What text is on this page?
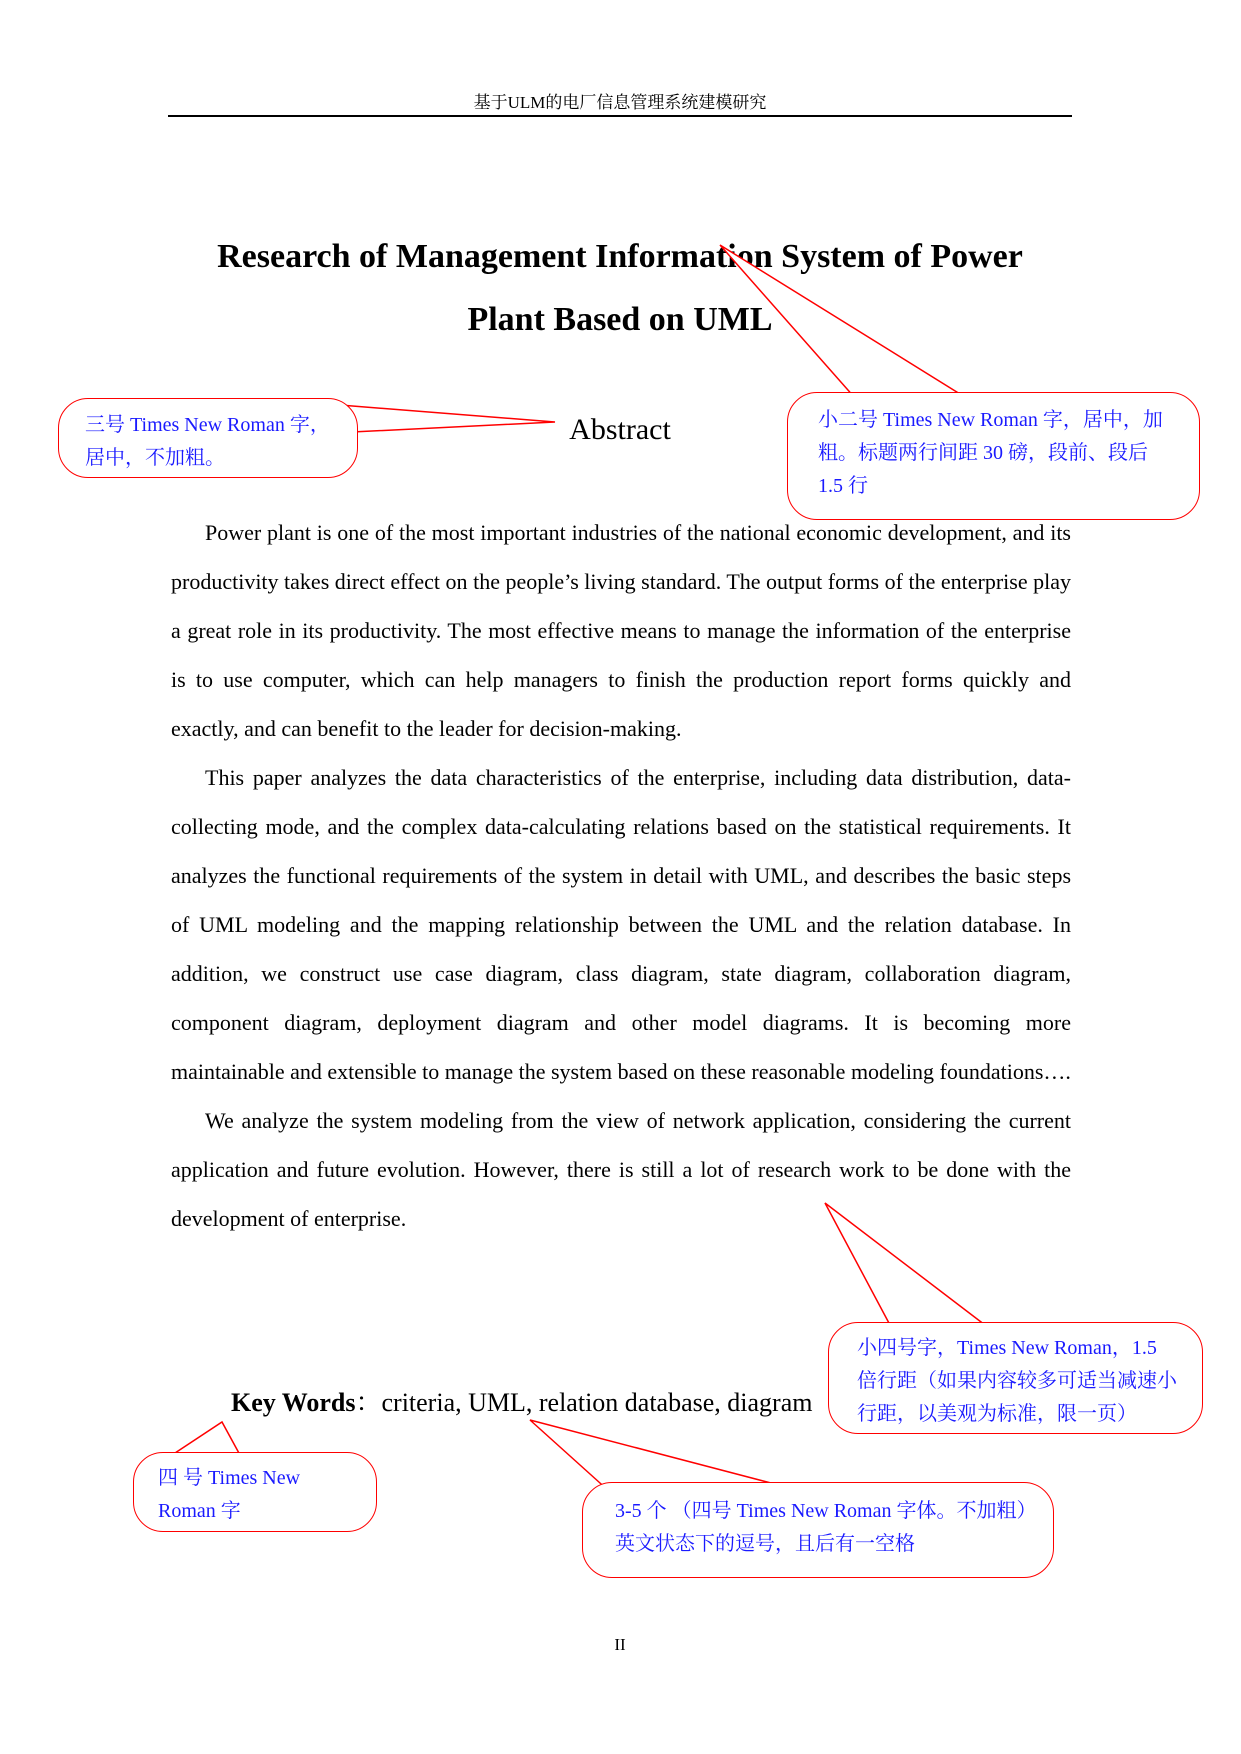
基于ULM的电厂信息管理系统建模研究
Research of Management Information System of Power
Plant Based on UML
Abstract

Power plant is one of the most important industries of the national economic development, and its productivity takes direct effect on the people’s living standard. The output forms of the enterprise play a great role in its productivity. The most effective means to manage the information of the enterprise is to use computer, which can help managers to finish the production report forms quickly and exactly, and can benefit to the leader for decision-making.

This paper analyzes the data characteristics of the enterprise, including data distribution, data-collecting mode, and the complex data-calculating relations based on the statistical requirements. It analyzes the functional requirements of the system in detail with UML, and describes the basic steps of UML modeling and the mapping relationship between the UML and the relation database. In addition, we construct use case diagram, class diagram, state diagram, collaboration diagram, component diagram, deployment diagram and other model diagrams. It is becoming more maintainable and extensible to manage the system based on these reasonable modeling foundations….

We analyze the system modeling from the view of network application, considering the current application and future evolution. However, there is still a lot of research work to be done with the development of enterprise.

Key Words：criteria, UML, relation database, diagram
II
三号 Times New Roman 字，居中，不加粗。
小二号 Times New Roman 字，居中，加粗。标题两行间距 30 磅，段前、段后 1.5 行
小四号字，Times New Roman，1.5 倍行距（如果内容较多可适当减速小行距，以美观为标准，限一页）
四 号 Times New Roman 字	3-5 个 （四号 Times New Roman 字体。不加粗）英文状态下的逗号，且后有一空格
